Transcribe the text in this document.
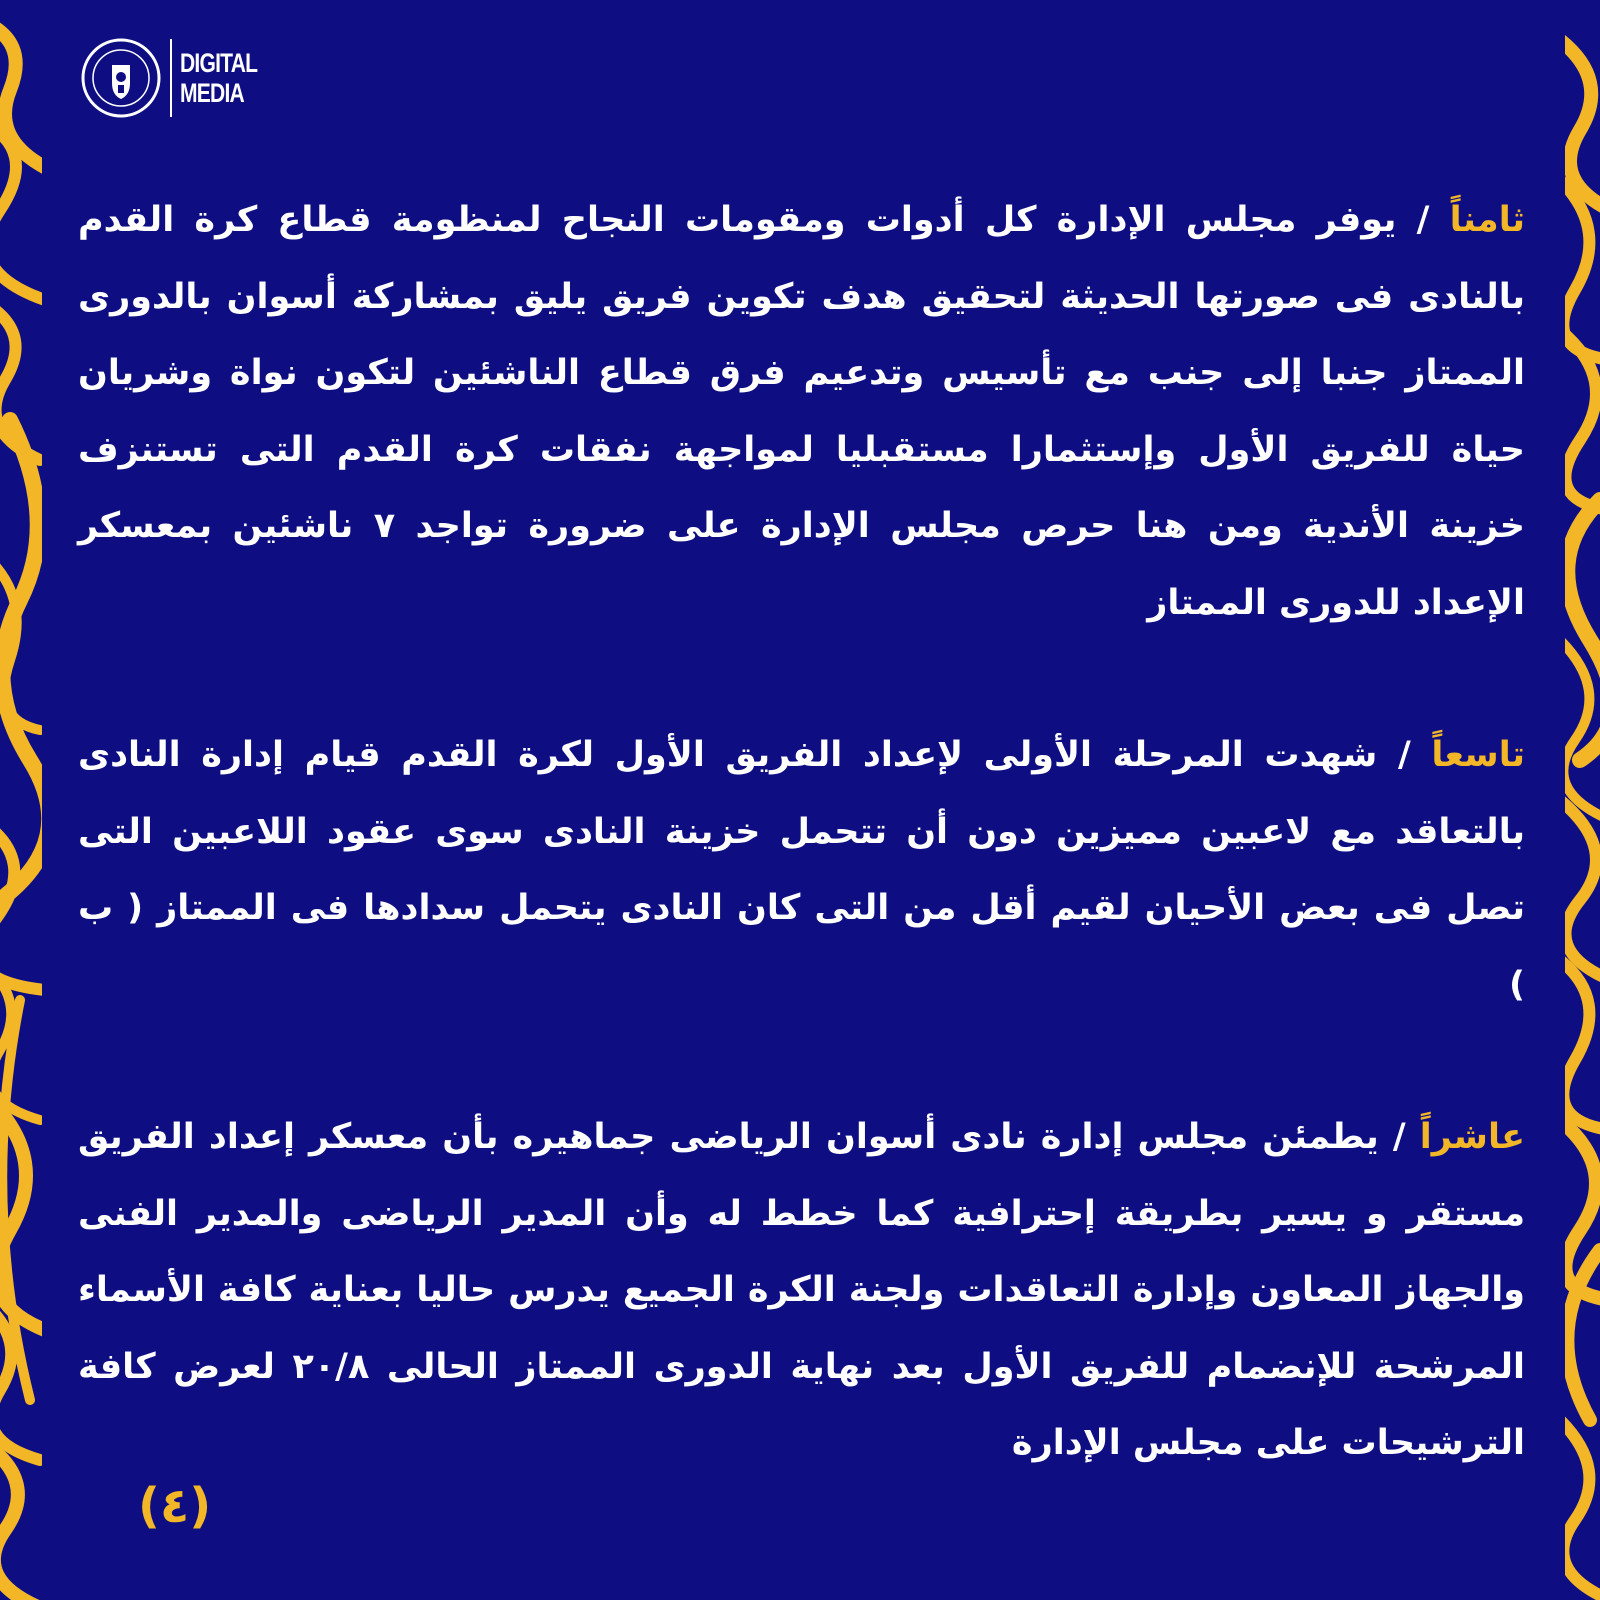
DIGITAL
MEDIA

ثامناً / يوفر مجلس الإدارة كل أدوات ومقومات النجاح لمنظومة قطاع كرة القدم بالنادى فى صورتها الحديثة لتحقيق هدف تكوين فريق يليق بمشاركة أسوان بالدورى الممتاز جنبا إلى جنب مع تأسيس وتدعيم فرق قطاع الناشئين لتكون نواة وشريان حياة للفريق الأول وإستثمارا مستقبليا لمواجهة نفقات كرة القدم التى تستنزف خزينة الأندية ومن هنا حرص مجلس الإدارة على ضرورة تواجد ٧ ناشئين بمعسكر الإعداد للدورى الممتاز

تاسعاً / شهدت المرحلة الأولى لإعداد الفريق الأول لكرة القدم قيام إدارة النادى بالتعاقد مع لاعبين مميزين دون أن تتحمل خزينة النادى سوى عقود اللاعبين التى تصل فى بعض الأحيان لقيم أقل من التى كان النادى يتحمل سدادها فى الممتاز ( ب )

عاشراً / يطمئن مجلس إدارة نادى أسوان الرياضى جماهيره بأن معسكر إعداد الفريق مستقر و يسير بطريقة إحترافية كما خطط له وأن المدير الرياضى والمدير الفنى والجهاز المعاون وإدارة التعاقدات ولجنة الكرة الجميع يدرس حاليا بعناية كافة الأسماء المرشحة للإنضمام للفريق الأول بعد نهاية الدورى الممتاز الحالى ٢٠/٨ لعرض كافة الترشيحات على مجلس الإدارة

(٤)
